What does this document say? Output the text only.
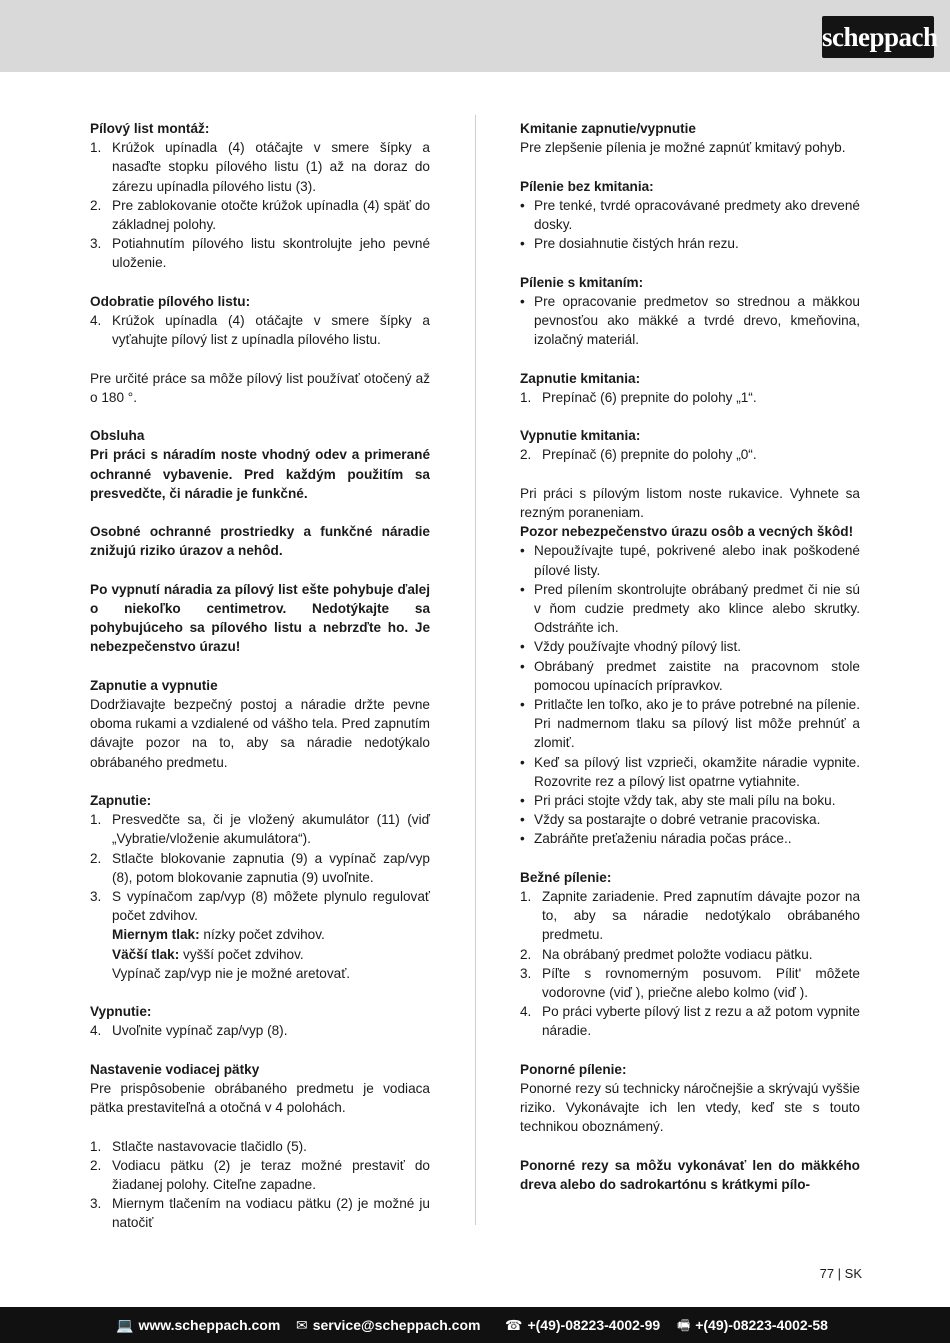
scheppach
Pílový list montáž:
1. Krúžok upínadla (4) otáčajte v smere šípky a nasaďte stopku pílového listu (1) až na doraz do zárezu upínadla pílového listu (3).
2. Pre zablokovanie otočte krúžok upínadla (4) späť do základnej polohy.
3. Potiahnutím pílového listu skontrolujte jeho pevné uloženie.
Odobratie pílového listu:
4. Krúžok upínadla (4) otáčajte v smere šípky a vyťahujte pílový list z upínadla pílového listu.
Pre určité práce sa môže pílový list používať otočený až o 180 °.
Obsluha
Pri práci s náradím noste vhodný odev a primerané ochranné vybavenie. Pred každým použitím sa presvedčte, či náradie je funkčné.
Osobné ochranné prostriedky a funkčné náradie znižujú riziko úrazov a nehôd.
Po vypnutí náradia za pílový list ešte pohybuje ďalej o niekoľko centimetrov. Nedotýkajte sa pohybujúceho sa pílového listu a nebrzďte ho. Je nebezpečenstvo úrazu!
Zapnutie a vypnutie
Dodržiavajte bezpečný postoj a náradie držte pevne oboma rukami a vzdialené od vášho tela. Pred zapnutím dávajte pozor na to, aby sa náradie nedotýkalo obrábaného predmetu.
Zapnutie:
1. Presvedčte sa, či je vložený akumulátor (11) (viď „Vybratie/vloženie akumulátora“).
2. Stlačte blokovanie zapnutia (9) a vypínač zap/vyp (8), potom blokovanie zapnutia (9) uvoľnite.
3. S vypínačom zap/vyp (8) môžete plynulo regulovať počet zdvihov.
Miernym tlak: nízky počet zdvihov.
Väčší tlak: vyšší počet zdvihov.
Vypínač zap/vyp nie je možné aretovať.
Vypnutie:
4. Uvoľnite vypínač zap/vyp (8).
Nastavenie vodiacej pätky
Pre prispôsobenie obrábaného predmetu je vodiaca pätka prestaviteľná a otočná v 4 polohách.
1. Stlačte nastavovacie tlačidlo (5).
2. Vodiacu pätku (2) je teraz možné prestaviť do žiadanej polohy. Citeľne zapadne.
3. Miernym tlačením na vodiacu pätku (2) je možné ju natočiť
Kmitanie zapnutie/vypnutie
Pre zlepšenie pílenia je možné zapnúť kmitavý pohyb.
Pílenie bez kmitania:
• Pre tenké, tvrdé opracovávané predmety ako drevené dosky.
• Pre dosiahnutie čistých hrán rezu.
Pílenie s kmitaním:
• Pre opracovanie predmetov so strednou a mäkkou pevnosťou ako mäkké a tvrdé drevo, kmeňovina, izolačný materiál.
Zapnutie kmitania:
1. Prepínač (6) prepnite do polohy „1“.
Vypnutie kmitania:
2. Prepínač (6) prepnite do polohy „0“.
Pri práci s pílovým listom noste rukavice. Vyhnete sa rezným poraneniam.
Pozor nebezpečenstvo úrazu osôb a vecných škôd!
• Nepoužívajte tupé, pokrivené alebo inak poškodené pílové listy.
• Pred pílením skontrolujte obrábaný predmet či nie sú v ňom cudzie predmety ako klince alebo skrutky. Odstráňte ich.
• Vždy používajte vhodný pílový list.
• Obrábaný predmet zaistite na pracovnom stole pomocou upínacích prípravkov.
• Pritlačte len toľko, ako je to práve potrebné na pílenie. Pri nadmernom tlaku sa pílový list môže prehnúť a zlomiť.
• Keď sa pílový list vzprieči, okamžite náradie vypnite. Rozovrite rez a pílový list opatrne vytiahnite.
• Pri práci stojte vždy tak, aby ste mali pílu na boku.
• Vždy sa postarajte o dobré vetranie pracoviska.
• Zabráňte preťaženiu náradia počas práce..
Bežné pílenie:
1. Zapnite zariadenie. Pred zapnutím dávajte pozor na to, aby sa náradie nedotýkalo obrábaného predmetu.
2. Na obrábaný predmet položte vodiacu pätku.
3. Píľte s rovnomerným posuvom. Pílit' môžete vodorovne (viď ), priečne alebo kolmo (viď ).
4. Po práci vyberte pílový list z rezu a až potom vypnite náradie.
Ponorné pílenie:
Ponorné rezy sú technicky náročnejšie a skrývajú vyššie riziko. Vykonávajte ich len vtedy, keď ste s touto technikou oboznámený.
Ponorné rezy sa môžu vykonávať len do mäkkého dreva alebo do sadrokartónu s krátkymi pílo-
77 | SK
💻 www.scheppach.com ✉ service@scheppach.com ☎ +(49)-08223-4002-99 🖷 +(49)-08223-4002-58
